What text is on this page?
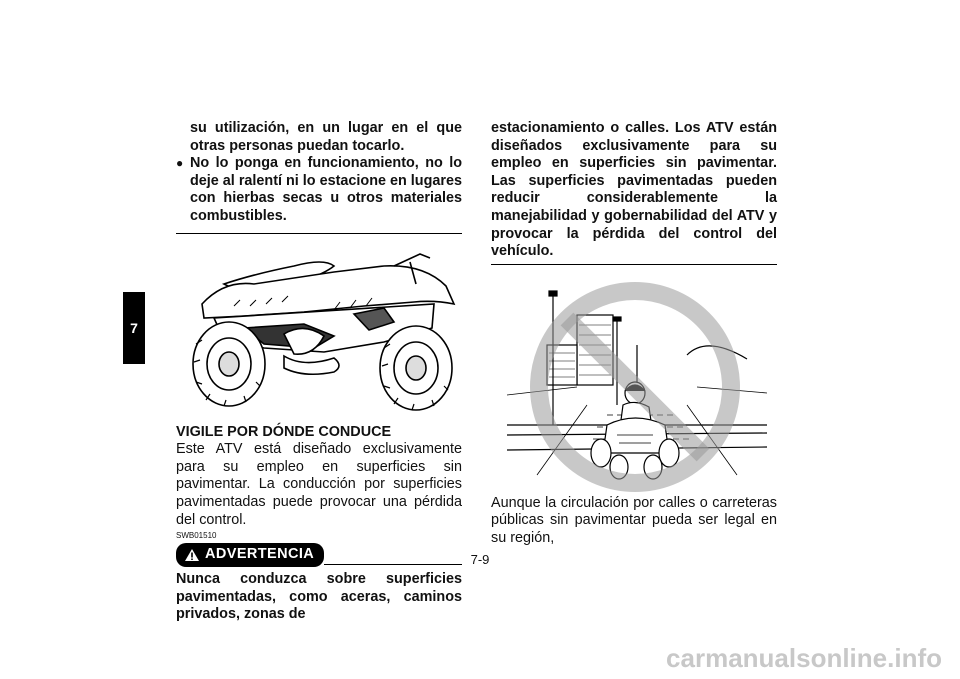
7
su utilización, en un lugar en el que otras personas puedan tocarlo.
● No lo ponga en funcionamiento, no lo deje al ralentí ni lo estacione en lugares con hierbas secas u otros materiales combustibles.
VIGILE POR DÓNDE CONDUCE
Este ATV está diseñado exclusivamente para su empleo en superficies sin pavimentar. La conducción por superficies pavimentadas puede provocar una pérdida del control.
SWB01510
ADVERTENCIA
Nunca conduzca sobre superficies pavimentadas, como aceras, caminos privados, zonas de
estacionamiento o calles. Los ATV están diseñados exclusivamente para su empleo en superficies sin pavimentar. Las superficies pavimentadas pueden reducir considerablemente la manejabilidad y gobernabilidad del ATV y provocar la pérdida del control del vehículo.
Aunque la circulación por calles o carreteras públicas sin pavimentar pueda ser legal en su región,
7-9
carmanualsonline.info
